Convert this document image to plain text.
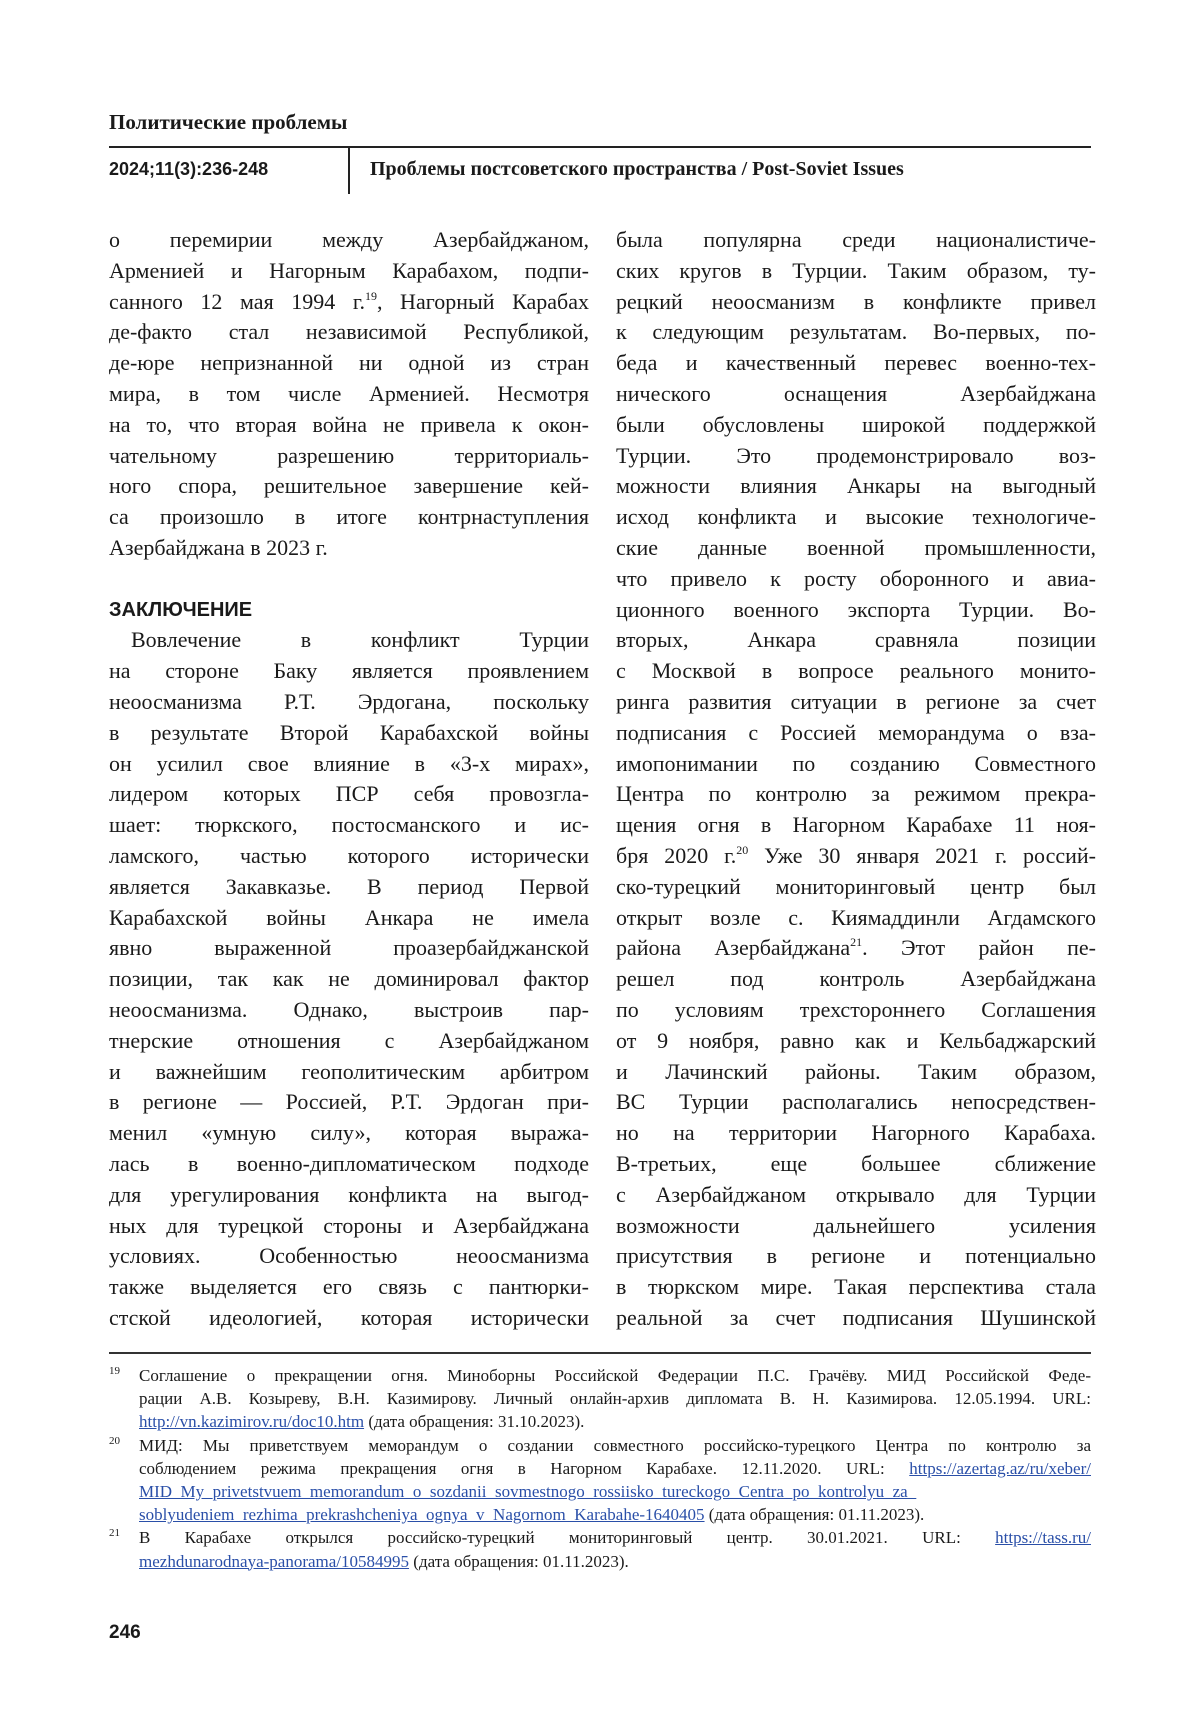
Политические проблемы
2024;11(3):236-248	Проблемы постсоветского пространства / Post-Soviet Issues
о перемирии между Азербайджаном,
Арменией и Нагорным Карабахом, подпи-
санного 12 мая 1994 г.19, Нагорный Карабах
де-факто стал независимой Республикой,
де-юре непризнанной ни одной из стран
мира, в том числе Арменией. Несмотря
на то, что вторая война не привела к окон-
чательному разрешению территориаль-
ного спора, решительное завершение кей-
са произошло в итоге контрнаступления
Азербайджана в 2023 г.

ЗАКЛЮЧЕНИЕ
Вовлечение в конфликт Турции
на стороне Баку является проявлением
неоосманизма Р.Т. Эрдогана, поскольку
в результате Второй Карабахской войны
он усилил свое влияние в «3-х мирах»,
лидером которых ПСР себя провозгла-
шает: тюркского, постосманского и ис-
ламского, частью которого исторически
является Закавказье. В период Первой
Карабахской войны Анкара не имела
явно выраженной проазербайджанской
позиции, так как не доминировал фактор
неоосманизма. Однако, выстроив пар-
тнерские отношения с Азербайджаном
и важнейшим геополитическим арбитром
в регионе — Россией, Р.Т. Эрдоган при-
менил «умную силу», которая выража-
лась в военно-дипломатическом подходе
для урегулирования конфликта на выгод-
ных для турецкой стороны и Азербайджана
условиях. Особенностью неоосманизма
также выделяется его связь с пантюрки-
стской идеологией, которая исторически
была популярна среди националистиче-
ских кругов в Турции. Таким образом, ту-
рецкий неоосманизм в конфликте привел
к следующим результатам. Во-первых, по-
беда и качественный перевес военно-тех-
нического оснащения Азербайджана
были обусловлены широкой поддержкой
Турции. Это продемонстрировало воз-
можности влияния Анкары на выгодный
исход конфликта и высокие технологиче-
ские данные военной промышленности,
что привело к росту оборонного и авиа-
ционного военного экспорта Турции. Во-
вторых, Анкара сравняла позиции
с Москвой в вопросе реального монито-
ринга развития ситуации в регионе за счет
подписания с Россией меморандума о вза-
имопонимании по созданию Совместного
Центра по контролю за режимом прекра-
щения огня в Нагорном Карабахе 11 ноя-
бря 2020 г.20 Уже 30 января 2021 г. россий-
ско-турецкий мониторинговый центр был
открыт возле с. Киямаддинли Агдамского
района Азербайджана21. Этот район пе-
решел под контроль Азербайджана
по условиям трехстороннего Соглашения
от 9 ноября, равно как и Кельбаджарский
и Лачинский районы. Таким образом,
ВС Турции располагались непосредствен-
но на территории Нагорного Карабаха.
В-третьих, еще большее сближение
с Азербайджаном открывало для Турции
возможности дальнейшего усиления
присутствия в регионе и потенциально
в тюркском мире. Такая перспектива стала
реальной за счет подписания Шушинской
19 Соглашение о прекращении огня. Миноборны Российской Федерации П.С. Грачёву. МИД Российской Феде-
рации А.В. Козыреву, В.Н. Казимирову. Личный онлайн-архив дипломата В. Н. Казимирова. 12.05.1994. URL:
http://vn.kazimirov.ru/doc10.htm (дата обращения: 31.10.2023).
20 МИД: Мы приветствуем меморандум о создании совместного российско-турецкого Центра по контролю за
соблюдением режима прекращения огня в Нагорном Карабахе. 12.11.2020. URL: https://azertag.az/ru/xeber/
MID_My_privetstvuem_memorandum_o_sozdanii_sovmestnogo_rossiisko_tureckogo_Centra_po_kontrolyu_za_
soblyudeniem_rezhima_prekrashcheniya_ognya_v_Nagornom_Karabahe-1640405 (дата обращения: 01.11.2023).
21 В Карабахе открылся российско-турецкий мониторинговый центр. 30.01.2021. URL: https://tass.ru/
mezhdunarodnaya-panorama/10584995 (дата обращения: 01.11.2023).
246
